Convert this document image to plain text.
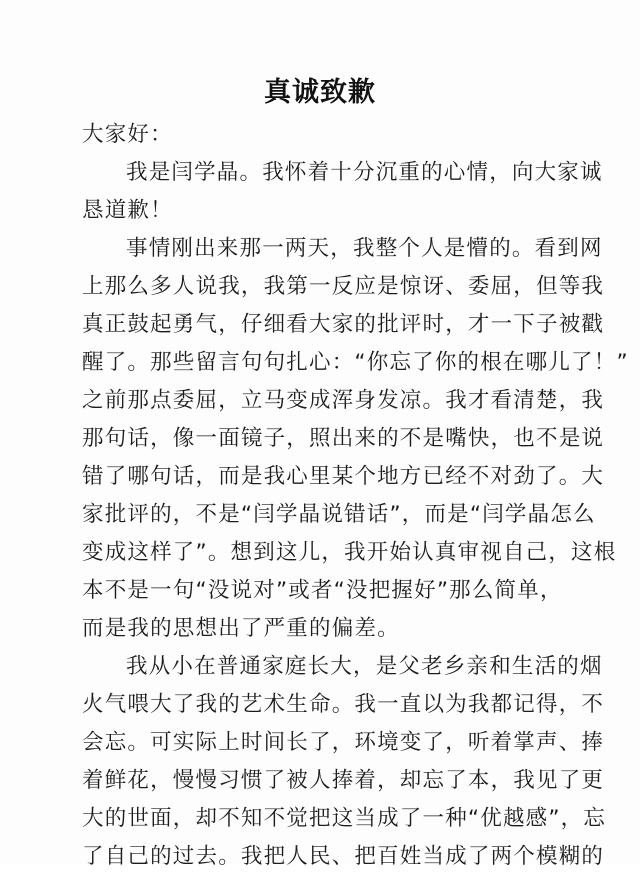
真诚致歉
大家好：
我是闫学晶。我怀着十分沉重的心情，向大家诚
恳道歉！
事情刚出来那一两天，我整个人是懵的。看到网
上那么多人说我，我第一反应是惊讶、委屈，但等我
真正鼓起勇气，仔细看大家的批评时，才一下子被戳
醒了。那些留言句句扎心：“你忘了你的根在哪儿了！”
之前那点委屈，立马变成浑身发凉。我才看清楚，我
那句话，像一面镜子，照出来的不是嘴快，也不是说
错了哪句话，而是我心里某个地方已经不对劲了。大
家批评的，不是“闫学晶说错话”，而是“闫学晶怎么
变成这样了”。想到这儿，我开始认真审视自己，这根
本不是一句“没说对”或者“没把握好”那么简单，
而是我的思想出了严重的偏差。
我从小在普通家庭长大，是父老乡亲和生活的烟
火气喂大了我的艺术生命。我一直以为我都记得，不
会忘。可实际上时间长了，环境变了，听着掌声、捧
着鲜花，慢慢习惯了被人捧着，却忘了本，我见了更
大的世面，却不知不觉把这当成了一种“优越感”，忘
了自己的过去。我把人民、把百姓当成了两个模糊的
